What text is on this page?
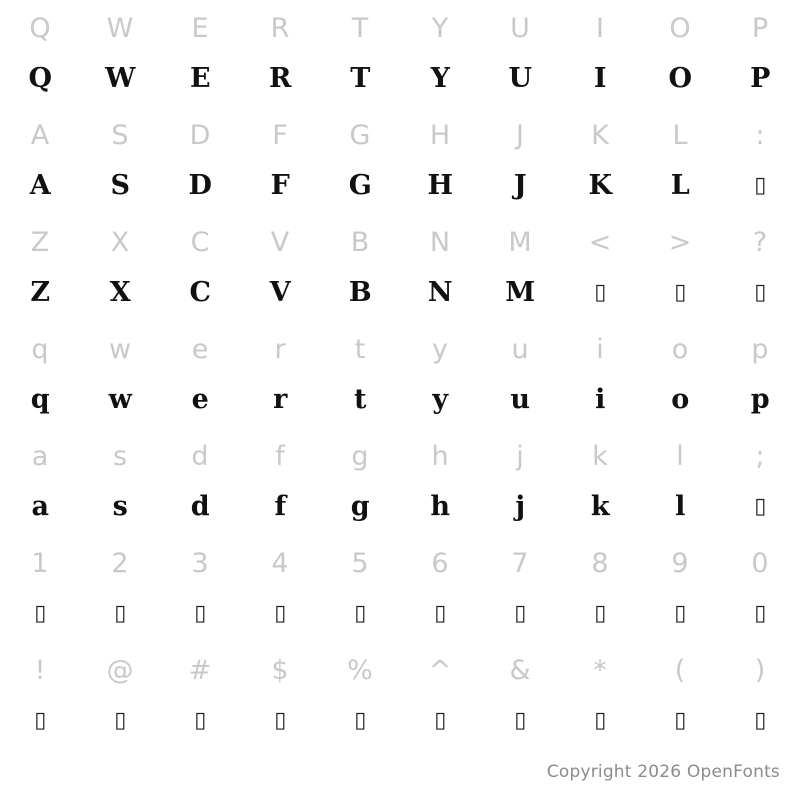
Q	W	E	R	T	Y	U	I	O	P
Q	W	E	R	T	Y	U	I	O	P
A	S	D	F	G	H	J	K	L	:
A	S	D	F	G	H	J	K	L	▯
Z	X	C	V	B	N	M	<	>	?
Z	X	C	V	B	N	M	▯	▯	▯
q	w	e	r	t	y	u	i	o	p
q	w	e	r	t	y	u	i	o	p
a	s	d	f	g	h	j	k	l	;
a	s	d	f	g	h	j	k	l	▯
1	2	3	4	5	6	7	8	9	0
▯	▯	▯	▯	▯	▯	▯	▯	▯	▯
!	@	#	$	%	^	&	*	(	)
▯	▯	▯	▯	▯	▯	▯	▯	▯	▯
Copyright 2026 OpenFonts
